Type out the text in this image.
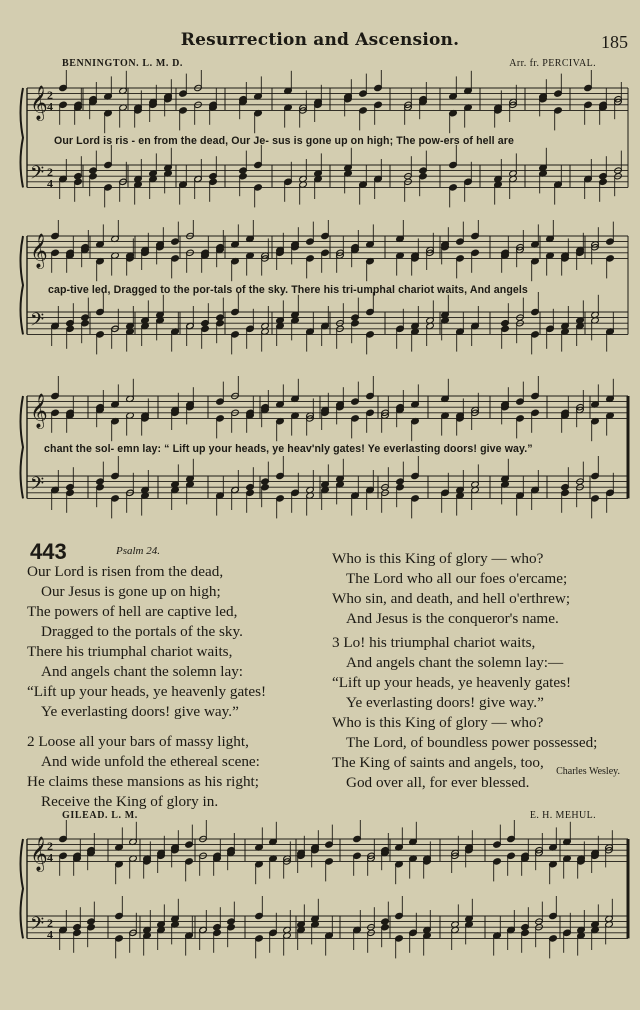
Resurrection and Ascension.	185
BENNINGTON. L. M. D.	Arr. fr. PERCIVAL.
𝄞
𝄢
2
2
4
4
𝄞
𝄢
𝄞
𝄢
Our Lord is ris - en from the dead, Our Je- sus is gone up on high; The pow-ers of hell are
cap-tive led, Dragged to the por-tals of the sky. There his tri-umphal chariot waits, And angels
chant the sol- emn lay: “ Lift up your heads, ye heav'nly gates! Ye everlasting doors! give way.”
443	Psalm 24.
Our Lord is risen from the dead,
Our Jesus is gone up on high;
The powers of hell are captive led,
Dragged to the portals of the sky.
There his triumphal chariot waits,
And angels chant the solemn lay:
“Lift up your heads, ye heavenly gates!
Ye everlasting doors! give way.”
2 Loose all your bars of massy light,
And wide unfold the ethereal scene:
He claims these mansions as his right;
Receive the King of glory in.
Who is this King of glory — who?
The Lord who all our foes o'ercame;
Who sin, and death, and hell o'erthrew;
And Jesus is the conqueror's name.
3 Lo! his triumphal chariot waits,
And angels chant the solemn lay:—
“Lift up your heads, ye heavenly gates!
Ye everlasting doors! give way.”
Who is this King of glory — who?
The Lord, of boundless power possessed;
The King of saints and angels, too,
God over all, for ever blessed.
Charles Wesley.
GILEAD. L. M.	E. H. MEHUL.
𝄞
𝄢
2
2
4
4
